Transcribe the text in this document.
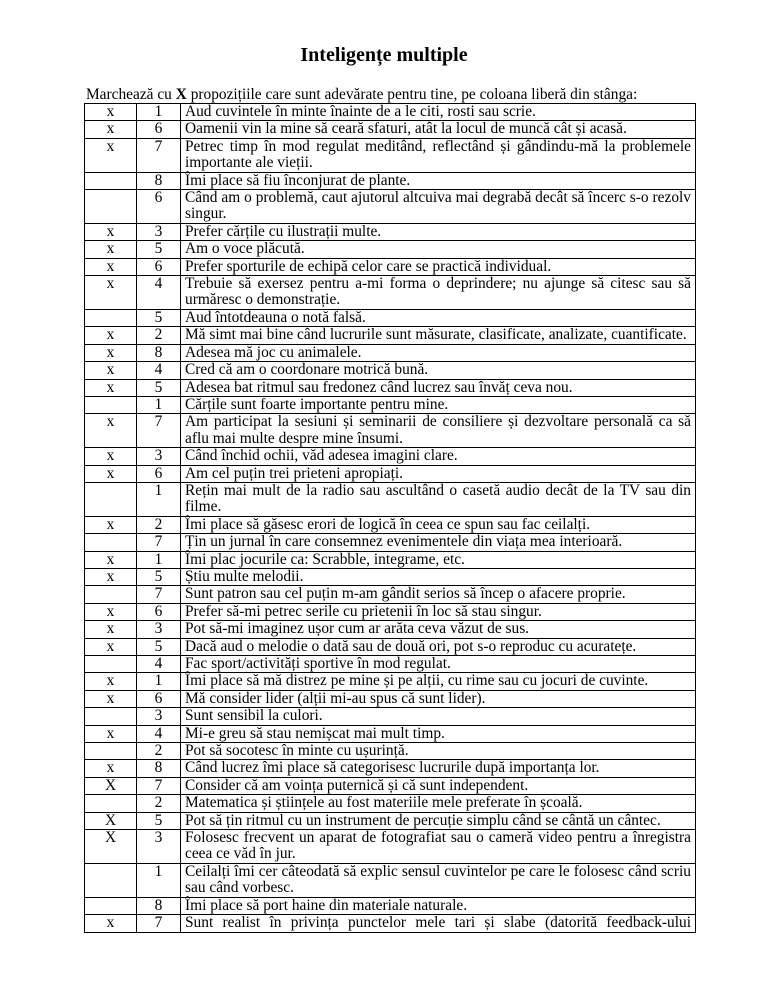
Inteligențe multiple
Marchează cu X propozițiile care sunt adevărate pentru tine, pe coloana liberă din stânga:
x	1	Aud cuvintele în minte înainte de a le citi, rosti sau scrie.
x	6	Oamenii vin la mine să ceară sfaturi, atât la locul de muncă cât și acasă.
x	7	Petrec timp în mod regulat meditând, reflectând și gândindu-mă la problemele importante ale vieții.
	8	Îmi place să fiu înconjurat de plante.
	6	Când am o problemă, caut ajutorul altcuiva mai degrabă decât să încerc s-o rezolv singur.
x	3	Prefer cărțile cu ilustrații multe.
x	5	Am o voce plăcută.
x	6	Prefer sporturile de echipă celor care se practică individual.
x	4	Trebuie să exersez pentru a-mi forma o deprindere; nu ajunge să citesc sau să urmăresc o demonstrație.
	5	Aud întotdeauna o notă falsă.
x	2	Mă simt mai bine când lucrurile sunt măsurate, clasificate, analizate, cuantificate.
x	8	Adesea mă joc cu animalele.
x	4	Cred că am o coordonare motrică bună.
x	5	Adesea bat ritmul sau fredonez când lucrez sau învăț ceva nou.
	1	Cărțile sunt foarte importante pentru mine.
x	7	Am participat la sesiuni și seminarii de consiliere și dezvoltare personală ca să aflu mai multe despre mine însumi.
x	3	Când închid ochii, văd adesea imagini clare.
x	6	Am cel puțin trei prieteni apropiați.
	1	Rețin mai mult de la radio sau ascultând o casetă audio decât de la TV sau din filme.
x	2	Îmi place să găsesc erori de logică în ceea ce spun sau fac ceilalți.
	7	Țin un jurnal în care consemnez evenimentele din viața mea interioară.
x	1	Îmi plac jocurile ca: Scrabble, integrame, etc.
x	5	Știu multe melodii.
	7	Sunt patron sau cel puțin m-am gândit serios să încep o afacere proprie.
x	6	Prefer să-mi petrec serile cu prietenii în loc să stau singur.
x	3	Pot să-mi imaginez ușor cum ar arăta ceva văzut de sus.
x	5	Dacă aud o melodie o dată sau de două ori, pot s-o reproduc cu acuratețe.
	4	Fac sport/activități sportive în mod regulat.
x	1	Îmi place să mă distrez pe mine și pe alții, cu rime sau cu jocuri de cuvinte.
x	6	Mă consider lider (alții mi-au spus că sunt lider).
	3	Sunt sensibil la culori.
x	4	Mi-e greu să stau nemișcat mai mult timp.
	2	Pot să socotesc în minte cu ușurință.
x	8	Când lucrez îmi place să categorisesc lucrurile după importanța lor.
X	7	Consider că am voința puternică și că sunt independent.
	2	Matematica și științele au fost materiile mele preferate în școală.
X	5	Pot să țin ritmul cu un instrument de percuție simplu când se cântă un cântec.
X	3	Folosesc frecvent un aparat de fotografiat sau o cameră video pentru a înregistra ceea ce văd în jur.
	1	Ceilalți îmi cer câteodată să explic sensul cuvintelor pe care le folosesc când scriu sau când vorbesc.
	8	Îmi place să port haine din materiale naturale.
x	7	Sunt realist în privința punctelor mele tari și slabe (datorită feedback-ului
